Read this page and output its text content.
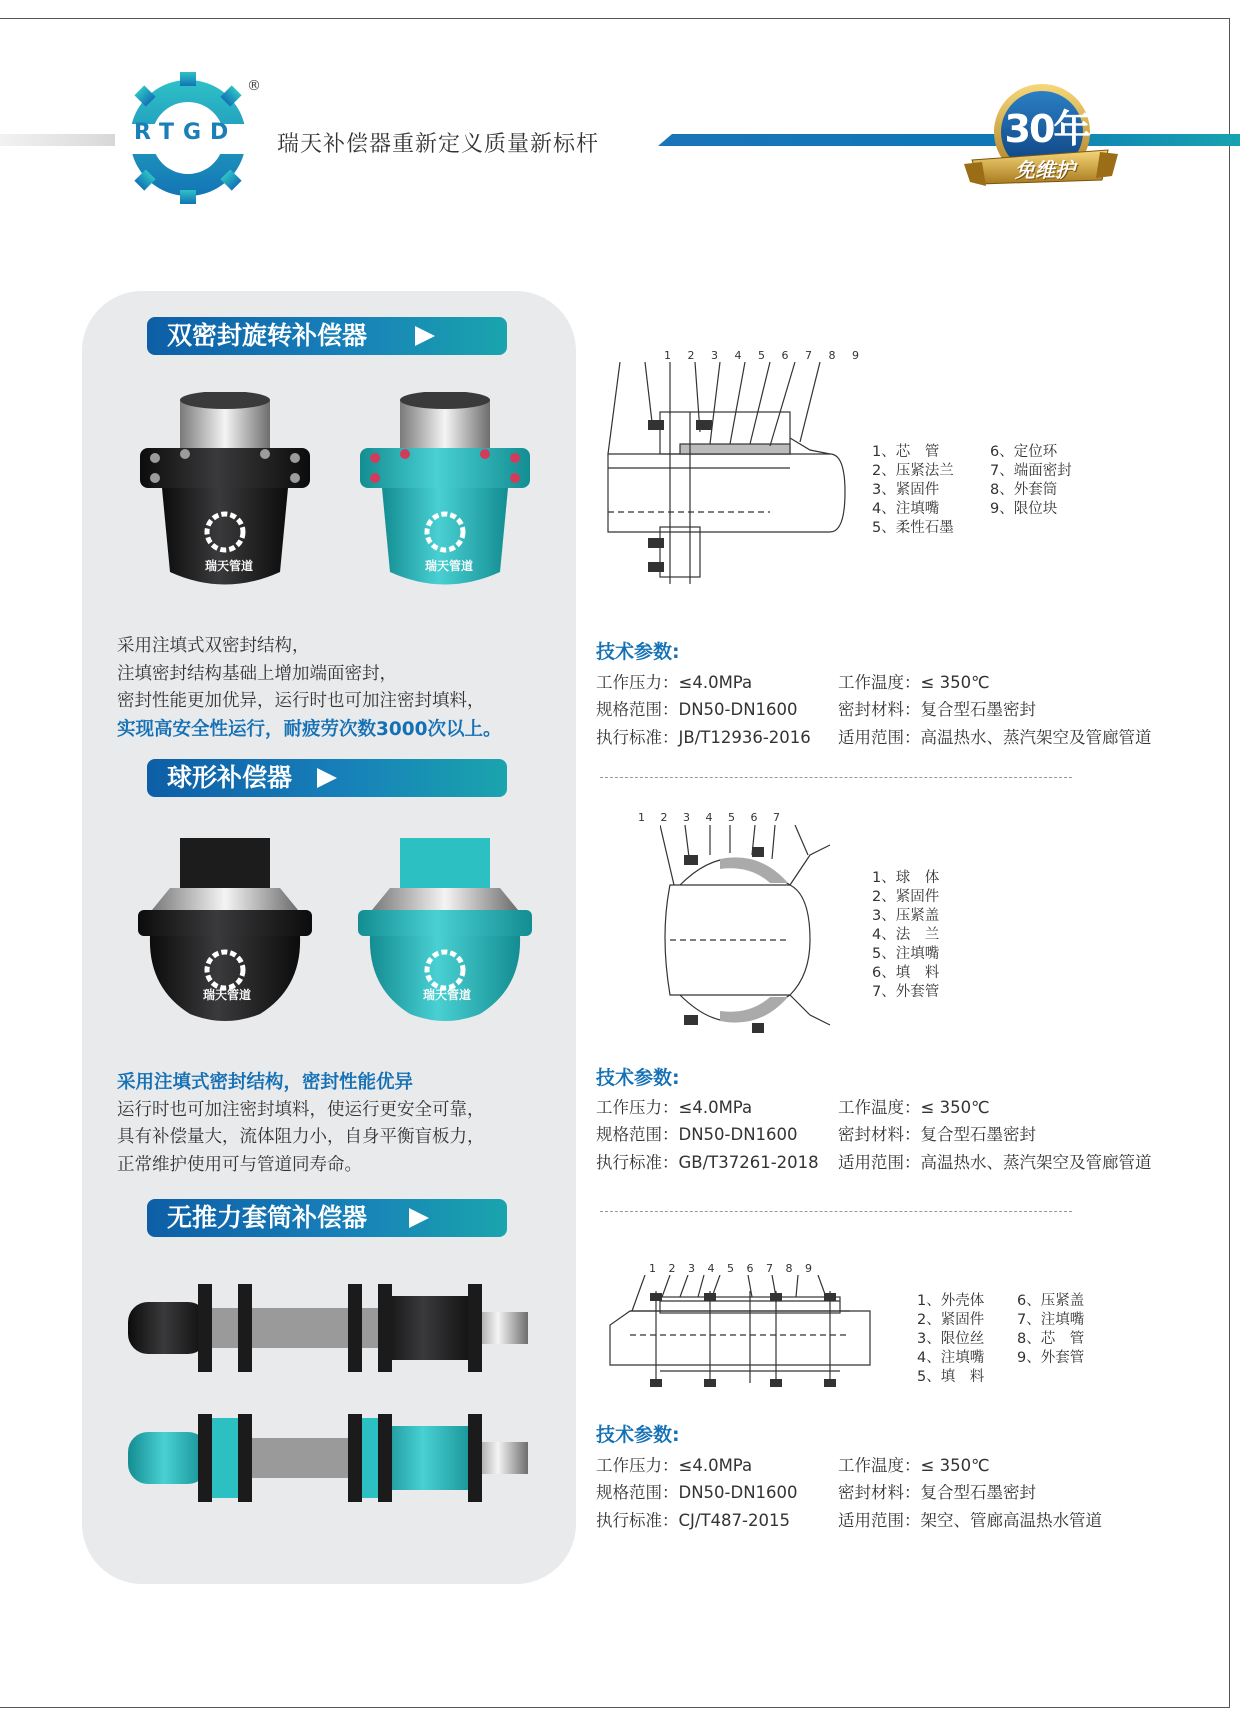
RTGD
®
瑞天补偿器重新定义质量新标杆	30年
免维护
双密封旋转补偿器
瑞天管道	瑞天管道
采用注填式双密封结构，
注填密封结构基础上增加端面密封，
密封性能更加优异，运行时也可加注密封填料，
实现高安全性运行，耐疲劳次数3000次以上。
球形补偿器
瑞天管道	瑞天管道
采用注填式密封结构，密封性能优异
运行时也可加注密封填料，使运行更安全可靠，
具有补偿量大，流体阻力小，自身平衡盲板力，
正常维护使用可与管道同寿命。
无推力套筒补偿器
1 2 3 4 5 6 7 8 9
1、芯　管
2、压紧法兰
3、紧固件
4、注填嘴
5、柔性石墨
6、定位环
7、端面密封
8、外套筒
9、限位块
技术参数:
工作压力：≤4.0MPa	工作温度：≤ 350℃
规格范围：DN50-DN1600 密封材料：复合型石墨密封
执行标准：JB/T12936-2016 适用范围：高温热水、蒸汽架空及管廊管道
1 2 3 4 5 6 7
1、球　体
2、紧固件
3、压紧盖
4、法　兰
5、注填嘴
6、填　料
7、外套管
技术参数:
工作压力：≤4.0MPa	工作温度：≤ 350℃
规格范围：DN50-DN1600 密封材料：复合型石墨密封
执行标准：GB/T37261-2018 适用范围：高温热水、蒸汽架空及管廊管道
1 2 3 4 5 6 7 8 9
1、外壳体
2、紧固件
3、限位丝
4、注填嘴
5、填　料
6、压紧盖
7、注填嘴
8、芯　管
9、外套管
技术参数:
工作压力：≤4.0MPa	工作温度：≤ 350℃
规格范围：DN50-DN1600 密封材料：复合型石墨密封
执行标准：CJ/T487-2015	适用范围：架空、管廊高温热水管道
